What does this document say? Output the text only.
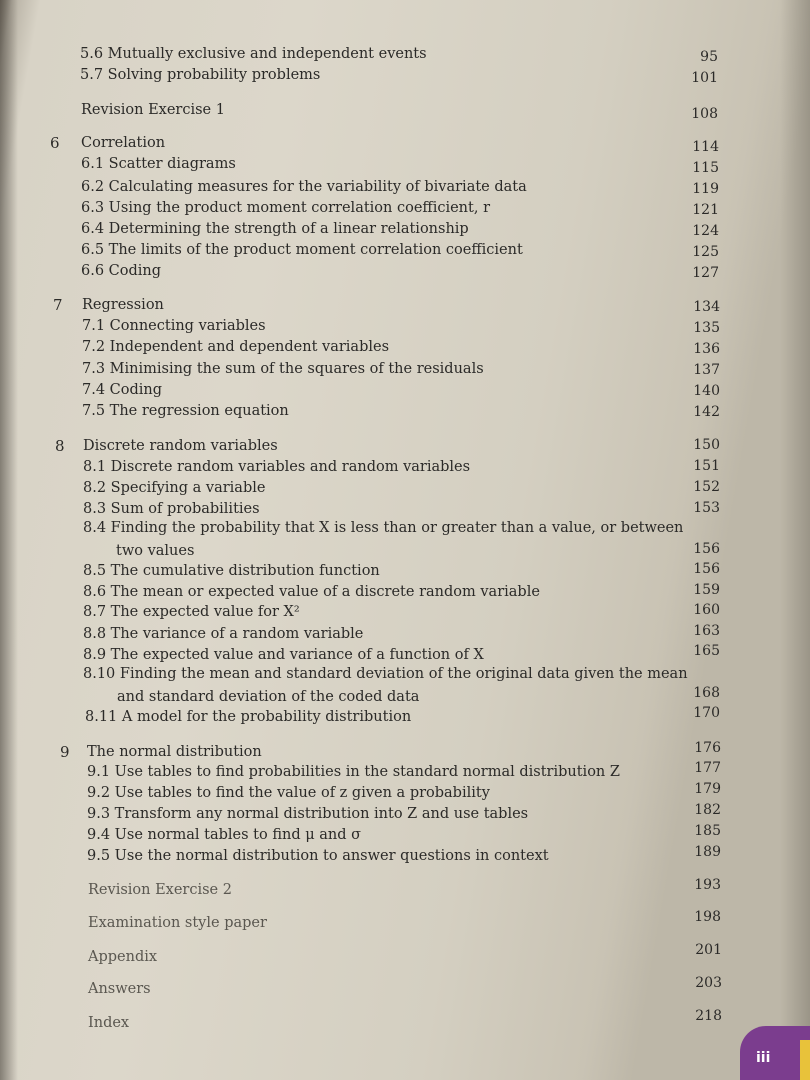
5.6 Mutually exclusive and independent events	95
5.7 Solving probability problems	101
Revision Exercise 1	108
6 Correlation	114
6.1 Scatter diagrams	115
6.2 Calculating measures for the variability of bivariate data	119
6.3 Using the product moment correlation coefficient, r	121
6.4 Determining the strength of a linear relationship	124
6.5 The limits of the product moment correlation coefficient	125
6.6 Coding	127
7 Regression	134
7.1 Connecting variables	135
7.2 Independent and dependent variables	136
7.3 Minimising the sum of the squares of the residuals	137
7.4 Coding	140
7.5 The regression equation	142
8 Discrete random variables	150
8.1 Discrete random variables and random variables	151
8.2 Specifying a variable	152
8.3 Sum of probabilities	153
8.4 Finding the probability that X is less than or greater than a value, or between
two values	156
8.5 The cumulative distribution function	156
8.6 The mean or expected value of a discrete random variable	159
8.7 The expected value for X²	160
8.8 The variance of a random variable	163
8.9 The expected value and variance of a function of X	165
8.10 Finding the mean and standard deviation of the original data given the mean
and standard deviation of the coded data	168
8.11 A model for the probability distribution	170
9 The normal distribution	176
9.1 Use tables to find probabilities in the standard normal distribution Z	177
9.2 Use tables to find the value of z given a probability	179
9.3 Transform any normal distribution into Z and use tables	182
9.4 Use normal tables to find μ and σ	185
9.5 Use the normal distribution to answer questions in context	189
Revision Exercise 2	193
Examination style paper	198
Appendix	201
Answers	203
Index	218
iii
